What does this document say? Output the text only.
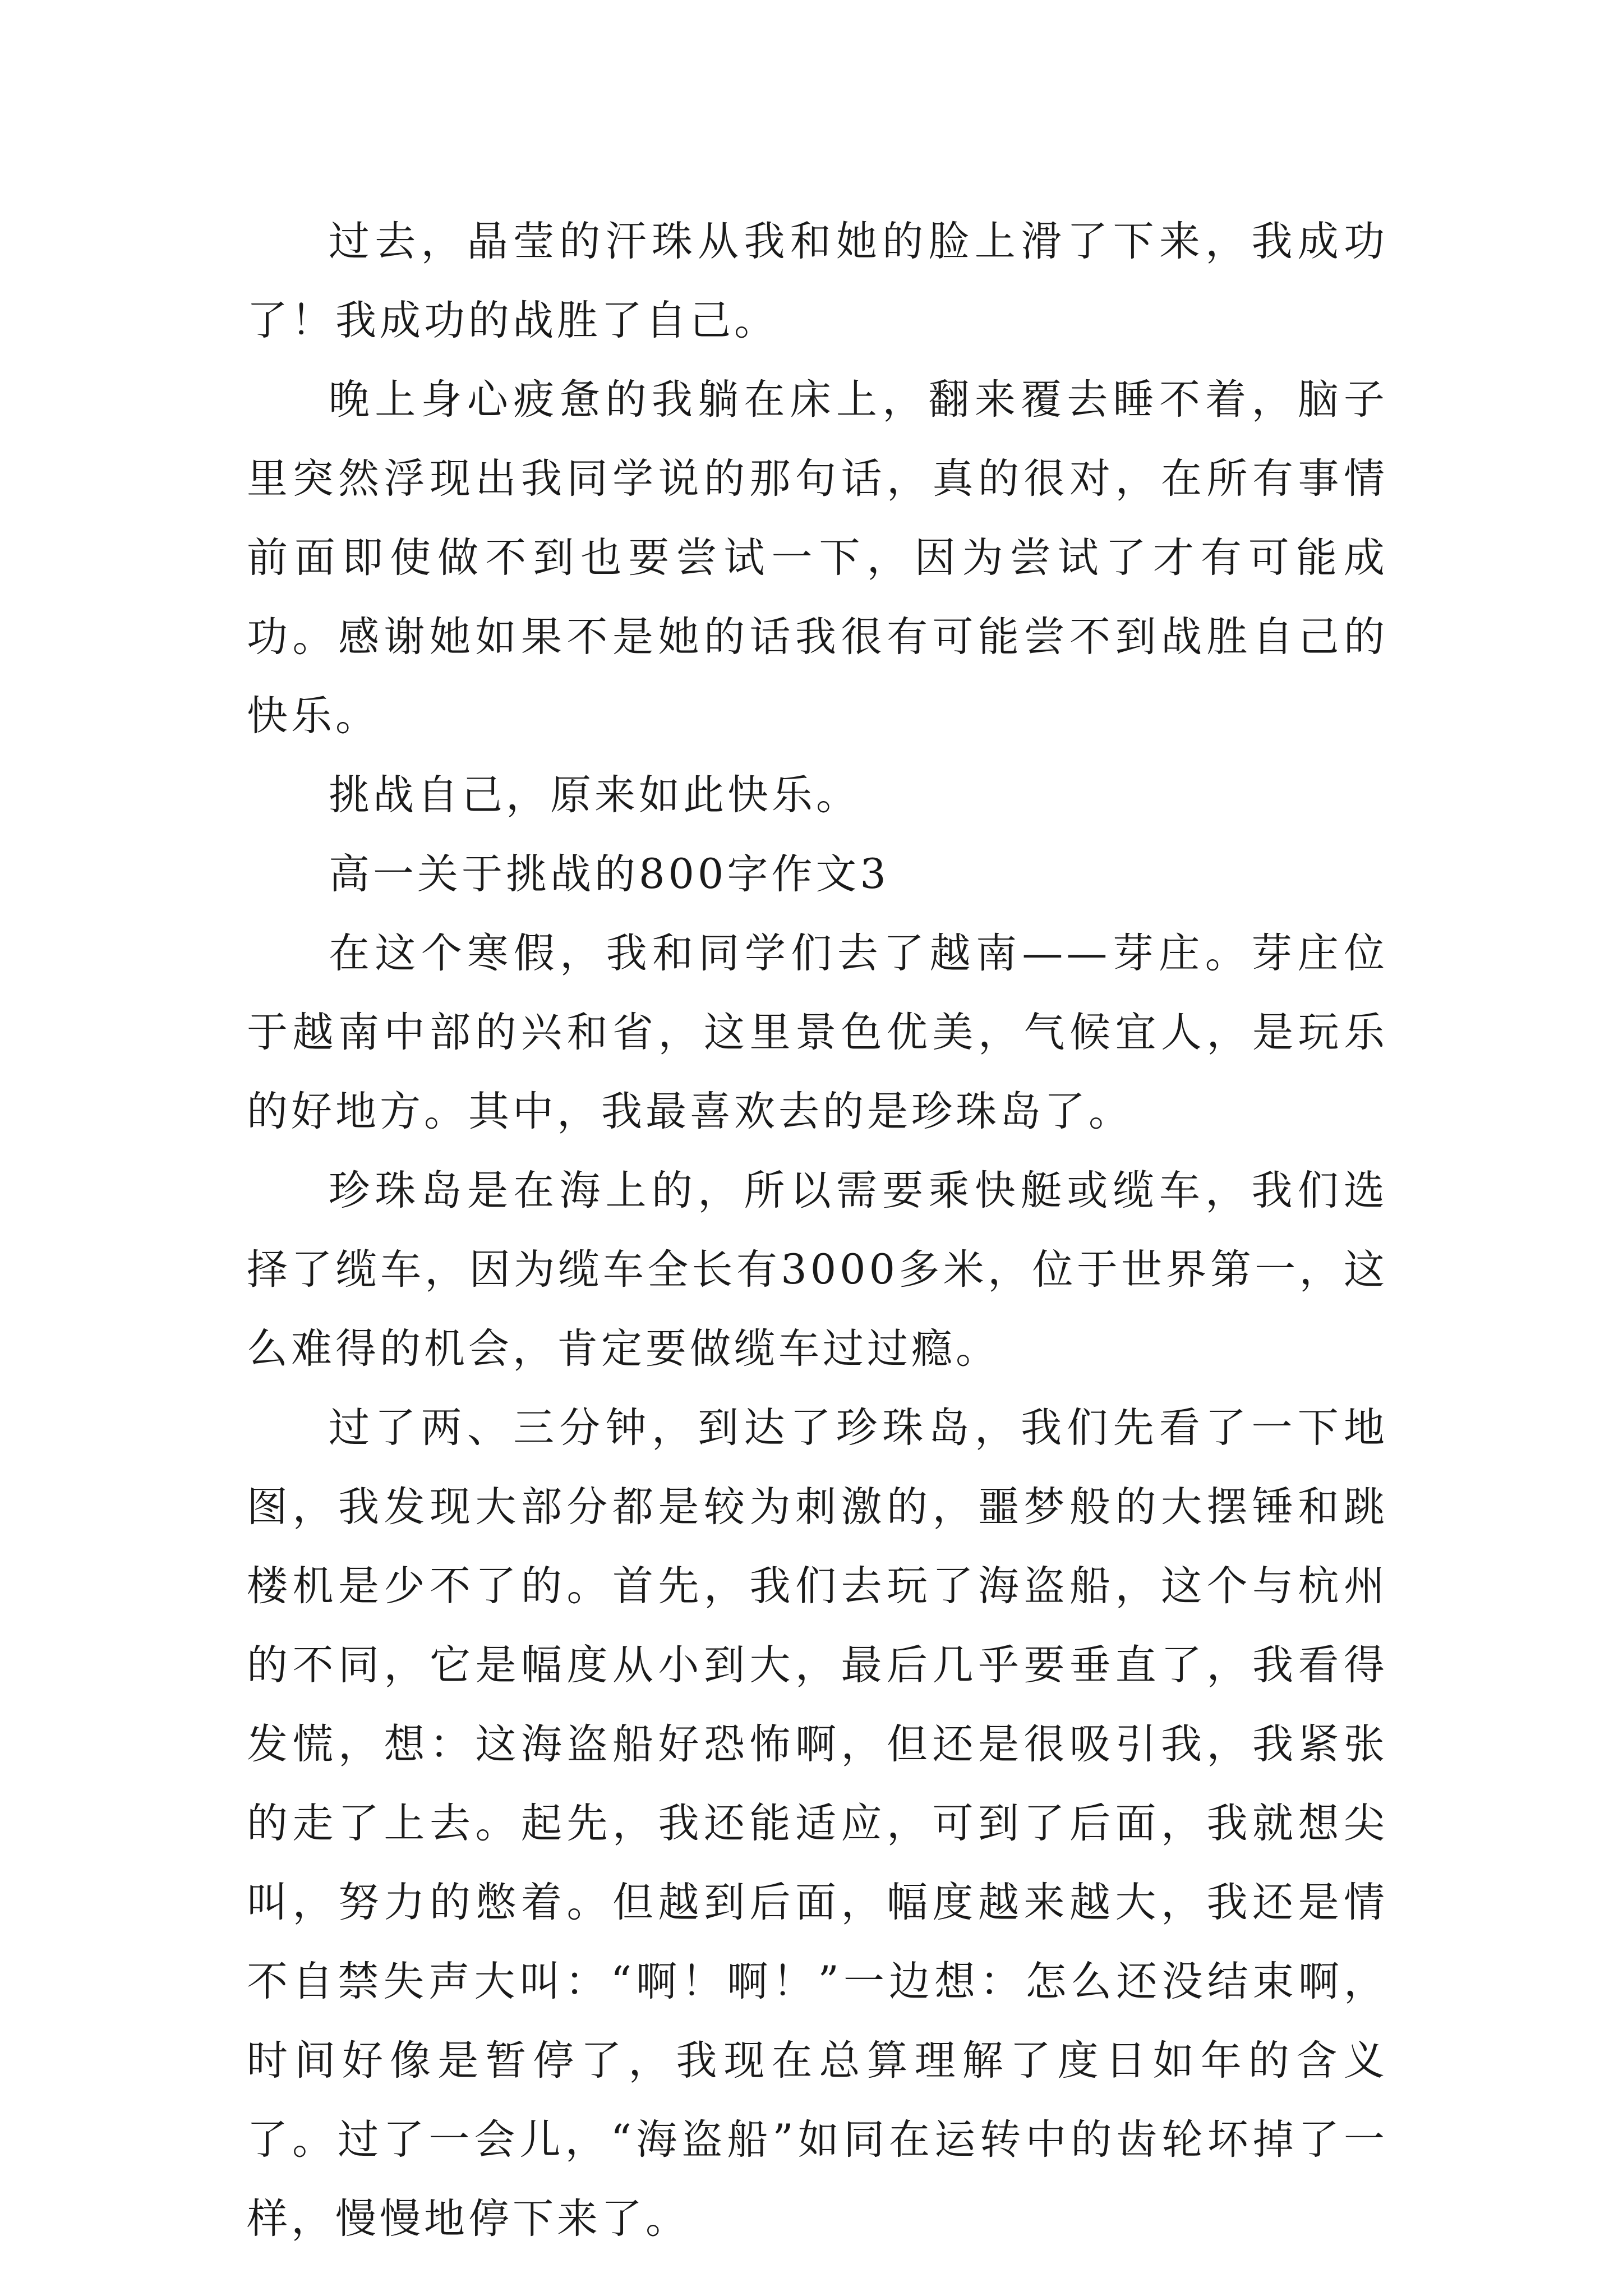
过去，晶莹的汗珠从我和她的脸上滑了下来，我成功了！我成功的战胜了自己。

晚上身心疲惫的我躺在床上，翻来覆去睡不着，脑子里突然浮现出我同学说的那句话，真的很对，在所有事情前面即使做不到也要尝试一下，因为尝试了才有可能成功。感谢她如果不是她的话我很有可能尝不到战胜自己的快乐。

挑战自己，原来如此快乐。

高一关于挑战的800字作文3

在这个寒假，我和同学们去了越南——芽庄。芽庄位于越南中部的兴和省，这里景色优美，气候宜人，是玩乐的好地方。其中，我最喜欢去的是珍珠岛了。

珍珠岛是在海上的，所以需要乘快艇或缆车，我们选择了缆车，因为缆车全长有3000多米，位于世界第一，这么难得的机会，肯定要做缆车过过瘾。

过了两、三分钟，到达了珍珠岛，我们先看了一下地图，我发现大部分都是较为刺激的，噩梦般的大摆锤和跳楼机是少不了的。首先，我们去玩了海盗船，这个与杭州的不同，它是幅度从小到大，最后几乎要垂直了，我看得发慌，想：这海盗船好恐怖啊，但还是很吸引我，我紧张的走了上去。起先，我还能适应，可到了后面，我就想尖叫，努力的憋着。但越到后面，幅度越来越大，我还是情不自禁失声大叫：“啊！啊！”一边想：怎么还没结束啊，时间好像是暂停了，我现在总算理解了度日如年的含义了。过了一会儿，“海盗船”如同在运转中的齿轮坏掉了一样，慢慢地停下来了。
